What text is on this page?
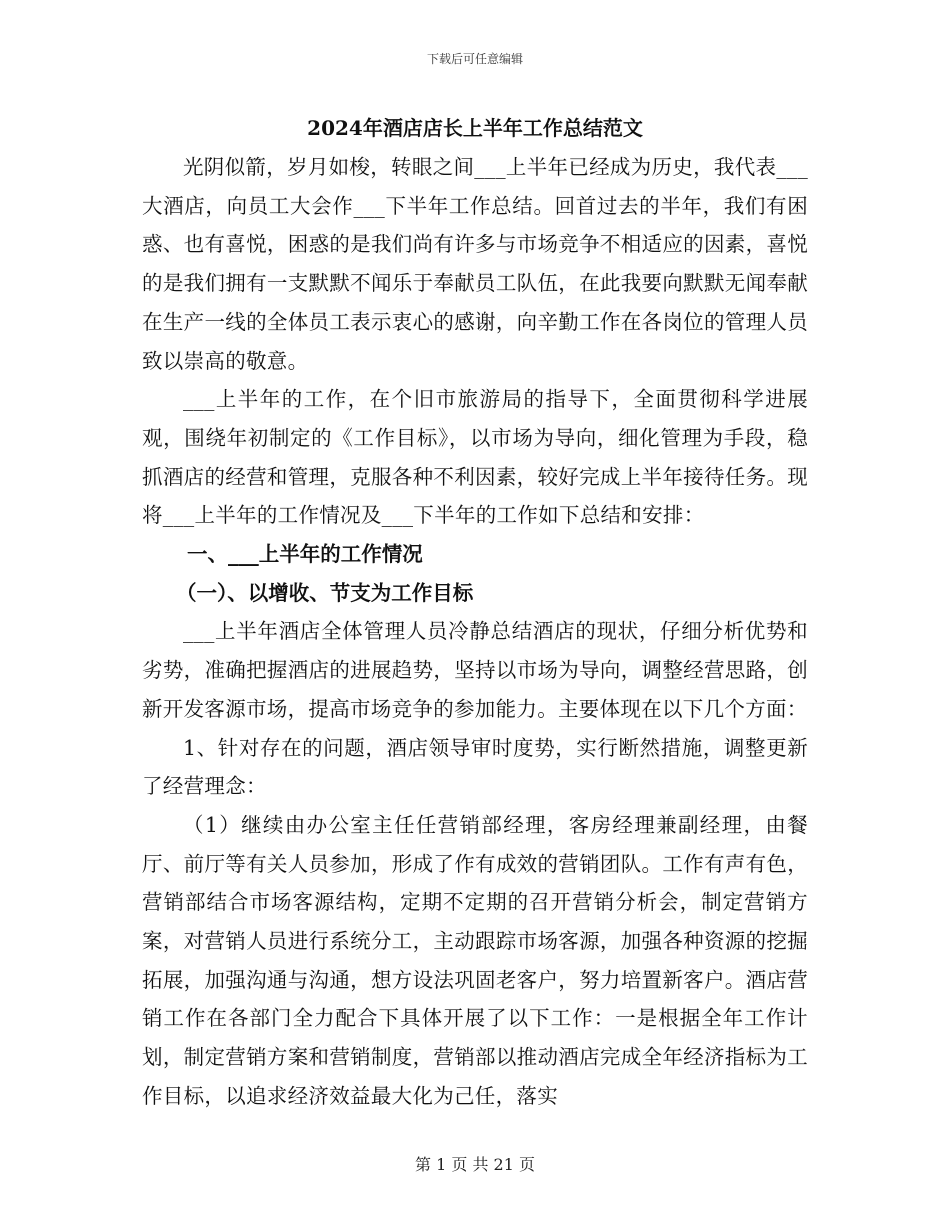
下载后可任意编辑
2024年酒店店长上半年工作总结范文

光阴似箭，岁月如梭，转眼之间___上半年已经成为历史，我代表___大酒店，向员工大会作___下半年工作总结。回首过去的半年，我们有困惑、也有喜悦，困惑的是我们尚有许多与市场竞争不相适应的因素，喜悦的是我们拥有一支默默不闻乐于奉献员工队伍，在此我要向默默无闻奉献在生产一线的全体员工表示衷心的感谢，向辛勤工作在各岗位的管理人员致以崇高的敬意。

___上半年的工作，在个旧市旅游局的指导下，全面贯彻科学进展观，围绕年初制定的《工作目标》，以市场为导向，细化管理为手段，稳抓酒店的经营和管理，克服各种不利因素，较好完成上半年接待任务。现将___上半年的工作情况及___下半年的工作如下总结和安排：

一、___上半年的工作情况

（一）、以增收、节支为工作目标

___上半年酒店全体管理人员冷静总结酒店的现状，仔细分析优势和劣势，准确把握酒店的进展趋势，坚持以市场为导向，调整经营思路，创新开发客源市场，提高市场竞争的参加能力。主要体现在以下几个方面：

1、针对存在的问题，酒店领导审时度势，实行断然措施，调整更新了经营理念：

（1）继续由办公室主任任营销部经理，客房经理兼副经理，由餐厅、前厅等有关人员参加，形成了作有成效的营销团队。工作有声有色，营销部结合市场客源结构，定期不定期的召开营销分析会，制定营销方案，对营销人员进行系统分工，主动跟踪市场客源，加强各种资源的挖掘拓展，加强沟通与沟通，想方设法巩固老客户，努力培置新客户。酒店营销工作在各部门全力配合下具体开展了以下工作：一是根据全年工作计划，制定营销方案和营销制度，营销部以推动酒店完成全年经济指标为工作目标，以追求经济效益最大化为己任，落实

第 1 页 共 21 页
